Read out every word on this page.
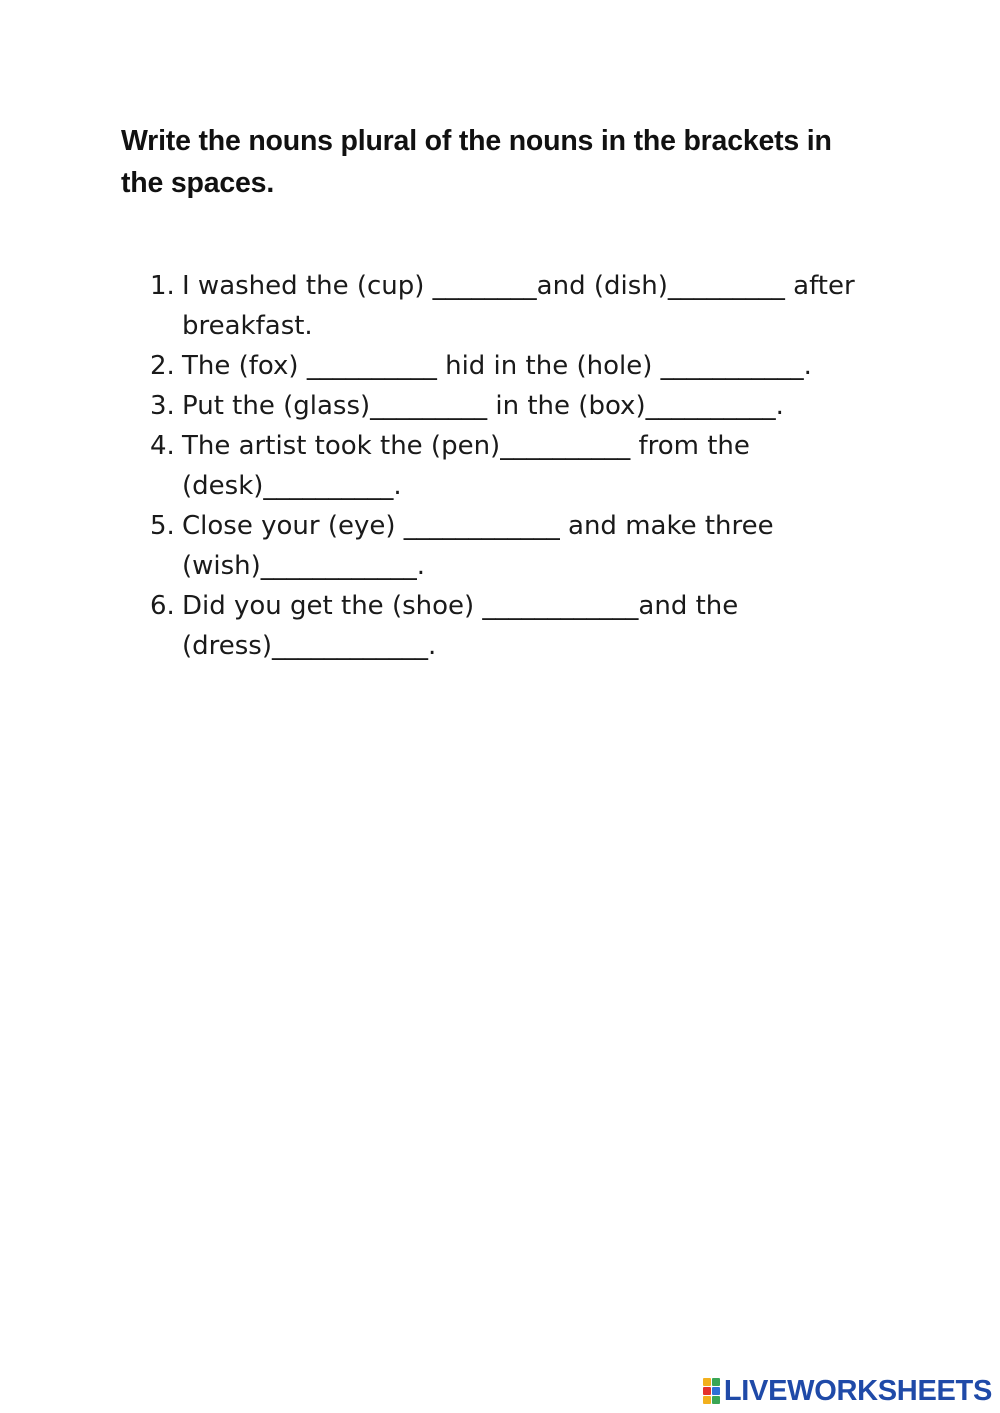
Write the nouns plural of the nouns in the brackets in the spaces.

1. I washed the (cup) ________and (dish)_________ after breakfast.
2. The (fox) __________ hid in the (hole) ___________.
3. Put the (glass)_________ in the (box)__________.
4. The artist took the (pen)__________ from the (desk)__________.
5. Close your (eye) ____________ and make three (wish)____________.
6. Did you get the (shoe) ____________and the (dress)____________.
LIVEWORKSHEETS
